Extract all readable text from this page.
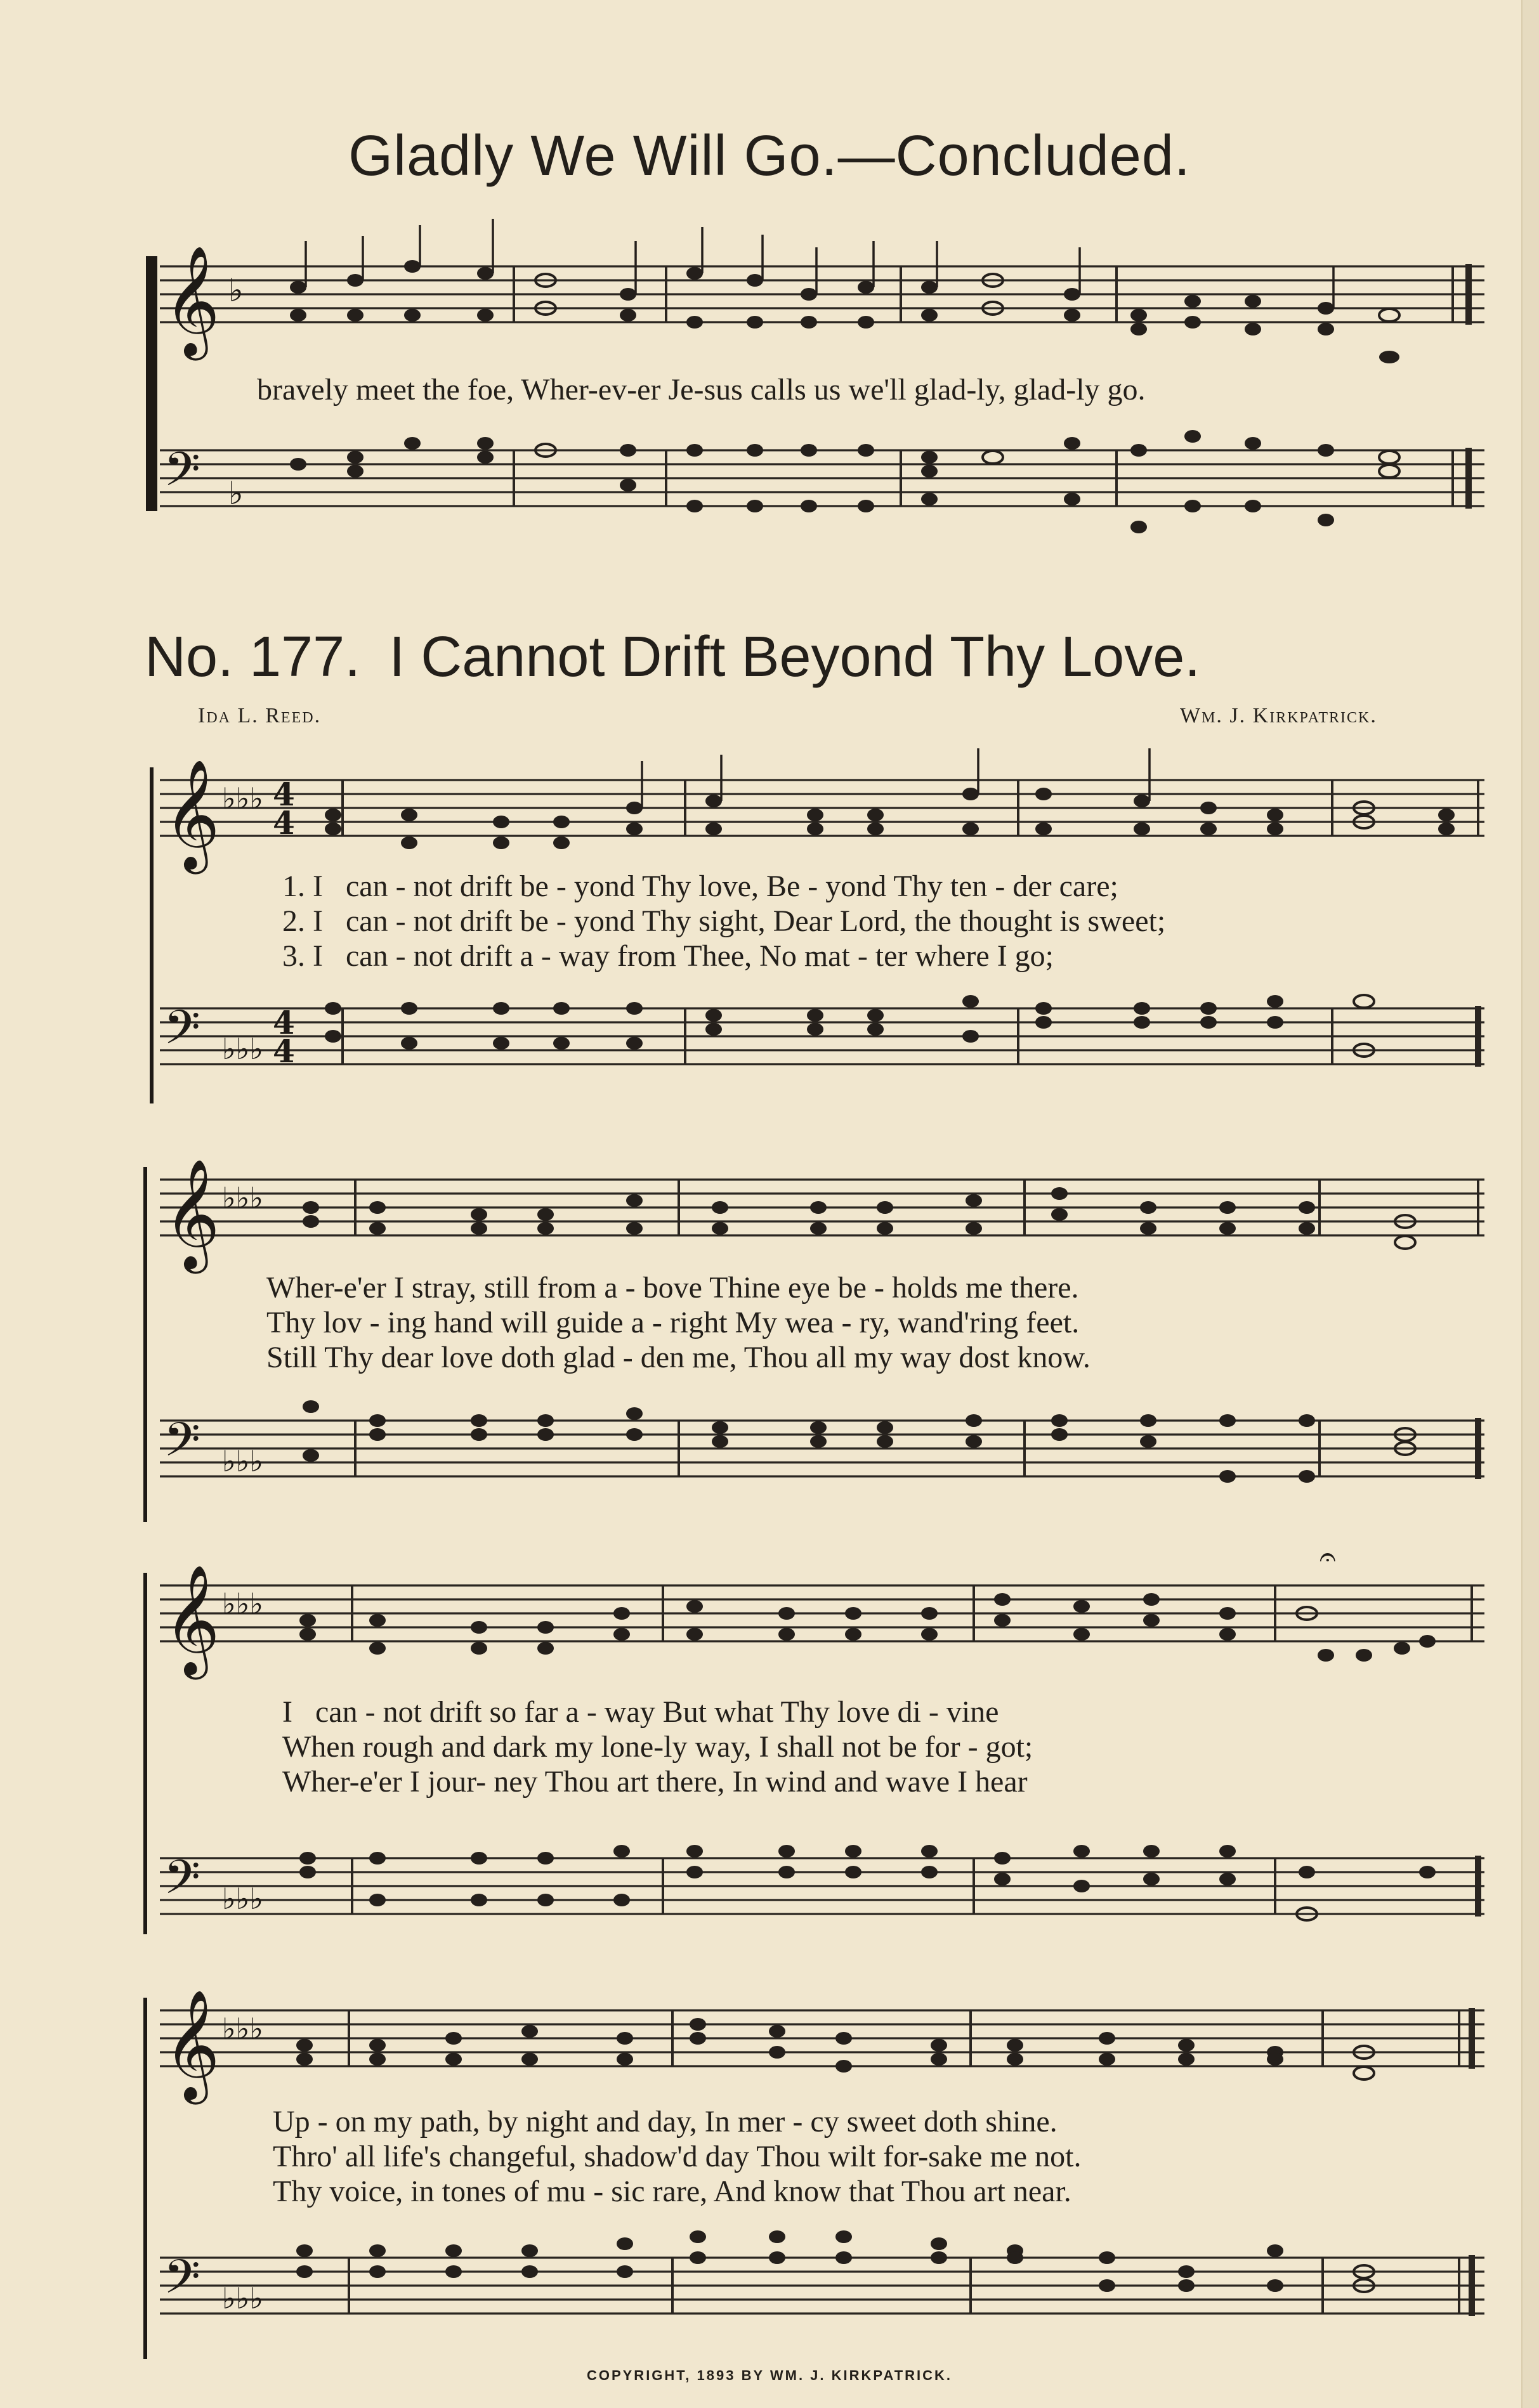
Gladly We Will Go.—Concluded.
𝄞 ♭
bravely meet the foe, Wher-ev-er Je-sus calls us we'll glad-ly, glad-ly go.
𝄢 ♭
No. 177. I Cannot Drift Beyond Thy Love.
Ida L. Reed.	Wm. J. Kirkpatrick.
𝄞 ♭♭♭ 4
4
1. I   can - not drift be - yond Thy love, Be - yond Thy ten - der care;
2. I   can - not drift be - yond Thy sight, Dear Lord, the thought is sweet;
3. I   can - not drift a - way from Thee, No mat - ter where I go;
𝄢 ♭♭♭
4
4
𝄞 ♭♭♭
Wher-e'er I stray, still from a - bove Thine eye be - holds me there.
Thy lov - ing hand will guide a - right My wea - ry, wand'ring feet.
Still Thy dear love doth glad - den me, Thou all my way dost know.
𝄢 ♭♭♭
𝄞 ♭♭♭
𝄐
I   can - not drift so far a - way But what Thy love di - vine
When rough and dark my lone-ly way, I shall not be for - got;
Wher-e'er I jour- ney Thou art there, In wind and wave I hear
𝄢 ♭♭♭
𝄞 ♭♭♭
Up - on my path, by night and day, In mer - cy sweet doth shine.
Thro' all life's changeful, shadow'd day Thou wilt for-sake me not.
Thy voice, in tones of mu - sic rare, And know that Thou art near.
𝄢 ♭♭♭
COPYRIGHT, 1893 BY WM. J. KIRKPATRICK.
